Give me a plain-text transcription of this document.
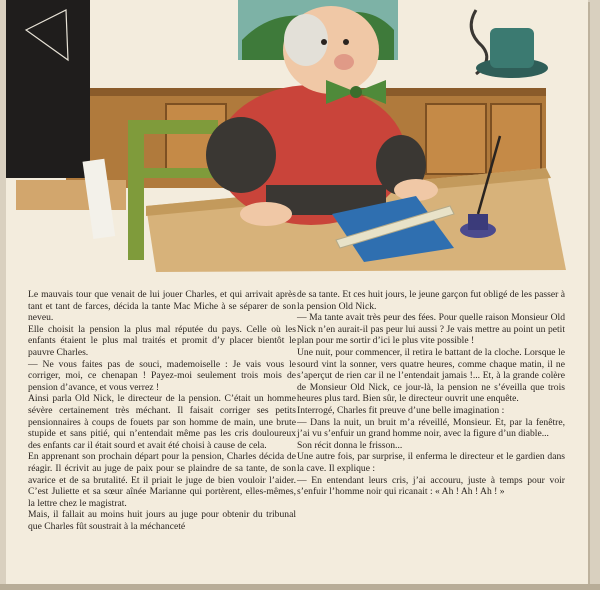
Le mauvais tour que venait de lui jouer Charles, et qui arrivait après tant et tant de farces, décida la tante Mac Miche à se séparer de son neveu.

Elle choisit la pension la plus mal réputée du pays. Celle où les enfants étaient le plus mal traités et promit d’y placer bientôt le pauvre Charles.

— Ne vous faites pas de souci, mademoiselle : Je vais vous le corriger, moi, ce chenapan ! Payez-moi seulement trois mois de pension d’avance, et vous verrez !

Ainsi parla Old Nick, le directeur de la pension. C’était un homme sévère certainement très méchant. Il faisait corriger ses petits pensionnaires à coups de fouets par son homme de main, une brute stupide et sans pitié, qui n’entendait même pas les cris douloureux des enfants car il était sourd et avait été choisi à cause de cela.

En apprenant son prochain départ pour la pension, Charles décida de réagir. Il écrivit au juge de paix pour se plaindre de sa tante, de son avarice et de sa brutalité. Et il priait le juge de bien vouloir l’aider. C’est Juliette et sa sœur aînée Marianne qui portèrent, elles-mêmes, la lettre chez le magistrat.

Mais, il fallait au moins huit jours au juge pour obtenir du tribunal que Charles fût soustrait à la méchanceté

de sa tante. Et ces huit jours, le jeune garçon fut obligé de les passer à la pension Old Nick.

— Ma tante avait très peur des fées. Pour quelle raison Monsieur Old Nick n’en aurait-il pas peur lui aussi ? Je vais mettre au point un petit plan pour me sortir d’ici le plus vite possible !

Une nuit, pour commencer, il retira le battant de la cloche. Lorsque le sourd vint la sonner, vers quatre heures, comme chaque matin, il ne s’aperçut de rien car il ne l’entendait jamais !... Et, à la grande colère de Monsieur Old Nick, ce jour-là, la pension ne s’éveilla que trois heures plus tard. Bien sûr, le directeur ouvrit une enquête.

Interrogé, Charles fit preuve d’une belle imagination :

— Dans la nuit, un bruit m’a réveillé, Monsieur. Et, par la fenêtre, j’ai vu s’enfuir un grand homme noir, avec la figure d’un diable...

Son récit donna le frisson...

Une autre fois, par surprise, il enferma le directeur et le gardien dans la cave. Il explique :

— En entendant leurs cris, j’ai accouru, juste à temps pour voir s’enfuir l’homme noir qui ricanait : « Ah ! Ah ! Ah ! »
